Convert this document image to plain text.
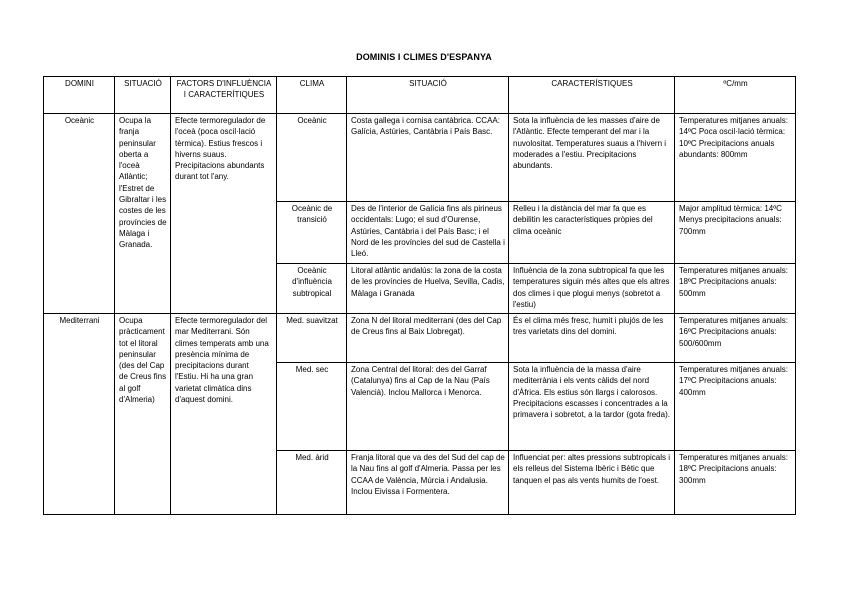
DOMINIS I CLIMES D'ESPANYA
DOMINI	SITUACIÓ	FACTORS D'INFLUÈNCIA I CARACTERÍTIQUES	CLIMA	SITUACIÓ	CARACTERÍSTIQUES	ºC/mm
Oceànic	Ocupa la franja peninsular oberta a l'oceà Atlàntic; l'Estret de Gibraltar i les costes de les províncies de Màlaga i Granada.	Efecte termoregulador de l'oceà (poca oscil·lació tèrmica). Estius frescos i hiverns suaus. Precipitacions abundants durant tot l'any.	Oceànic	Costa gallega i cornisa cantàbrica. CCAA: Galícia, Astúries, Cantàbria i País Basc.	Sota la influència de les masses d'aire de l'Atlàntic. Efecte temperant del mar i la nuvolositat. Temperatures suaus a l'hivern i moderades a l'estiu. Precipitacions abundants.	Temperatures mitjanes anuals: 14ºC Poca oscil·lació tèrmica: 10ºC Precipitacions anuals abundants: 800mm
			Oceànic de transició	Des de l'interior de Galícia fins als pirineus occidentals: Lugo; el sud d'Ourense, Astúries, Cantàbria i del País Basc; i el Nord de les províncies del sud de Castella i Lleó.	Relleu i la distància del mar fa que es debilitin les característiques pròpies del clima oceànic	Major amplitud tèrmica: 14ºC Menys precipitacions anuals: 700mm
			Oceànic d'influència subtropical	Litoral atlàntic andalús: la zona de la costa de les províncies de Huelva, Sevilla, Cadis, Màlaga i Granada	Influència de la zona subtropical fa que les temperatures siguin més altes que els altres dos climes i que plogui menys (sobretot a l'estiu)	Temperatures mitjanes anuals: 18ºC Precipitacions anuals: 500mm
Mediterrani	Ocupa pràcticament tot el litoral peninsular (des del Cap de Creus fins al golf d'Almeria)	Efecte termoregulador del mar Mediterrani. Són climes temperats amb una presència mínima de precipitacions durant l'Estiu. Hi ha una gran varietat climàtica dins d'aquest domini.	Med. suavitzat	Zona N del litoral mediterrani (des del Cap de Creus fins al Baix Llobregat).	És el clima més fresc, humit i plujós de les tres varietats dins del domini.	Temperatures mitjanes anuals: 16ºC Precipitacions anuals: 500/600mm
			Med. sec	Zona Central del litoral: des del Garraf (Catalunya) fins al Cap de la Nau (País Valencià). Inclou Mallorca i Menorca.	Sota la influència de la massa d'aire mediterrània i els vents càlids del nord d'Àfrica. Els estius són llargs i calorosos. Precipitacions escasses i concentrades a la primavera i sobretot, a la tardor (gota freda).	Temperatures mitjanes anuals: 17ºC Precipitacions anuals: 400mm
			Med. àrid	Franja litoral que va des del Sud del cap de la Nau fins al golf d'Almeria. Passa per les CCAA de València, Múrcia i Andalusia. Inclou Eivissa i Formentera.	Influenciat per: altes pressions subtropicals i els relleus del Sistema Ibèric i Bètic que tanquen el pas als vents humits de l'oest.	Temperatures mitjanes anuals: 18ºC Precipitacions anuals: 300mm
